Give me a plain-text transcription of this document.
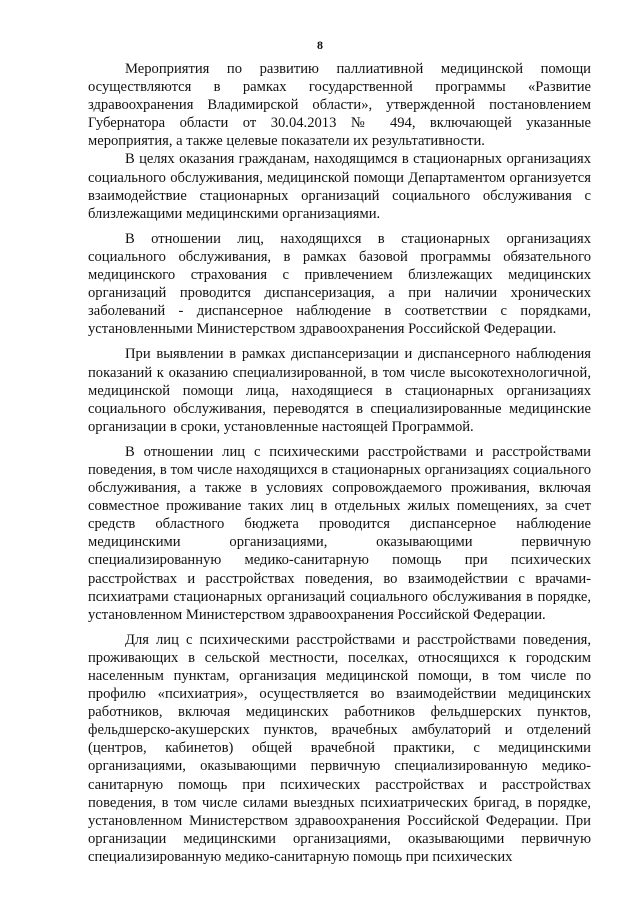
8

Мероприятия по развитию паллиативной медицинской помощи осуществляются в рамках государственной программы «Развитие здравоохранения Владимирской области», утвержденной постановлением Губернатора области от 30.04.2013 № 494, включающей указанные мероприятия, а также целевые показатели их результативности.

В целях оказания гражданам, находящимся в стационарных организациях социального обслуживания, медицинской помощи Департаментом организуется взаимодействие стационарных организаций социального обслуживания с близлежащими медицинскими организациями.

В отношении лиц, находящихся в стационарных организациях социального обслуживания, в рамках базовой программы обязательного медицинского страхования с привлечением близлежащих медицинских организаций проводится диспансеризация, а при наличии хронических заболеваний - диспансерное наблюдение в соответствии с порядками, установленными Министерством здравоохранения Российской Федерации.

При выявлении в рамках диспансеризации и диспансерного наблюдения показаний к оказанию специализированной, в том числе высокотехнологичной, медицинской помощи лица, находящиеся в стационарных организациях социального обслуживания, переводятся в специализированные медицинские организации в сроки, установленные настоящей Программой.

В отношении лиц с психическими расстройствами и расстройствами поведения, в том числе находящихся в стационарных организациях социального обслуживания, а также в условиях сопровождаемого проживания, включая совместное проживание таких лиц в отдельных жилых помещениях, за счет средств областного бюджета проводится диспансерное наблюдение медицинскими организациями, оказывающими первичную специализированную медико-санитарную помощь при психических расстройствах и расстройствах поведения, во взаимодействии с врачами-психиатрами стационарных организаций социального обслуживания в порядке, установленном Министерством здравоохранения Российской Федерации.

Для лиц с психическими расстройствами и расстройствами поведения, проживающих в сельской местности, поселках, относящихся к городским населенным пунктам, организация медицинской помощи, в том числе по профилю «психиатрия», осуществляется во взаимодействии медицинских работников, включая медицинских работников фельдшерских пунктов, фельдшерско-акушерских пунктов, врачебных амбулаторий и отделений (центров, кабинетов) общей врачебной практики, с медицинскими организациями, оказывающими первичную специализированную медико-санитарную помощь при психических расстройствах и расстройствах поведения, в том числе силами выездных психиатрических бригад, в порядке, установленном Министерством здравоохранения Российской Федерации. При организации медицинскими организациями, оказывающими первичную специализированную медико-санитарную помощь при психических
